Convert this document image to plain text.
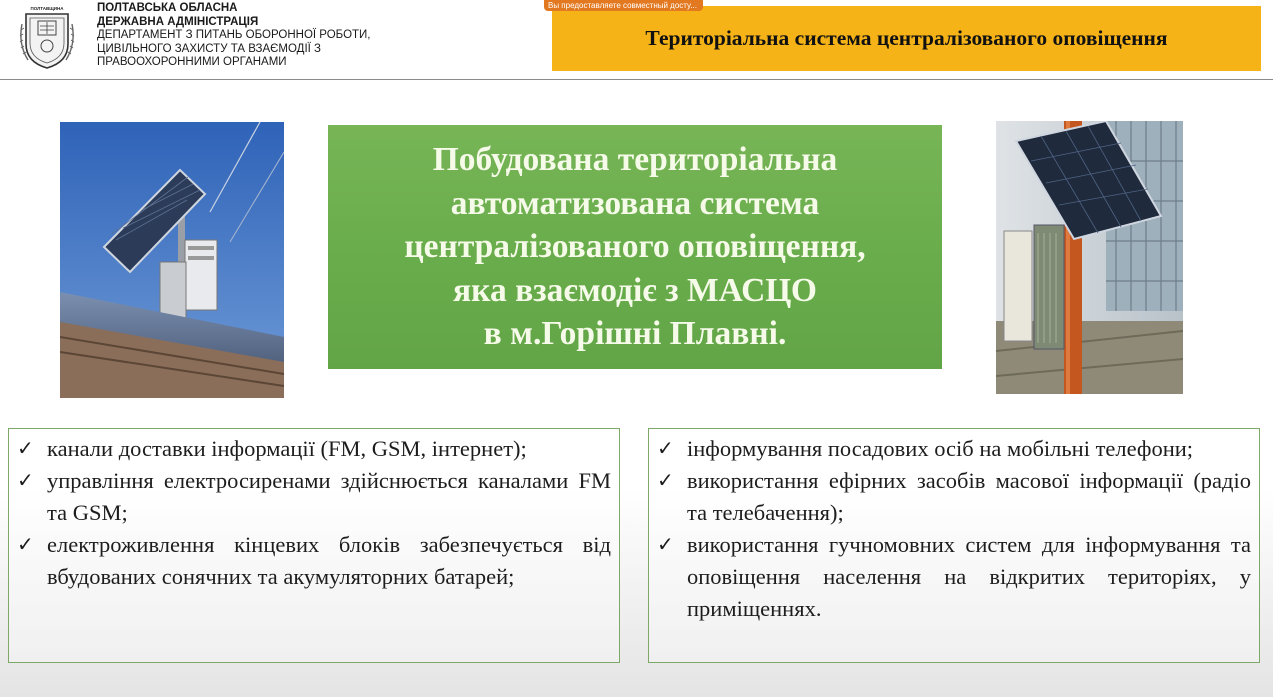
ПОЛТАВЩИНА	ПОЛТАВСЬКА ОБЛАСНА
ДЕРЖАВНА АДМІНІСТРАЦІЯ
ДЕПАРТАМЕНТ З ПИТАНЬ ОБОРОННОЇ РОБОТИ,
ЦИВІЛЬНОГО ЗАХИСТУ ТА ВЗАЄМОДІЇ З
ПРАВООХОРОННИМИ ОРГАНАМИ
Територіальна система централізованого оповіщення
Вы предоставляете совместный досту...
Побудована територіальна
автоматизована система
централізованого оповіщення,
яка взаємодіє з МАСЦО
в м.Горішні Плавні.
✓ канали доставки інформації (FM, GSM, інтернет);
✓ управління електросиренами здійснюється каналами FM та GSM;
✓ електроживлення кінцевих блоків забезпечується від вбудованих сонячних та акумуляторних батарей;
✓ інформування посадових осіб на мобільні телефони;
✓ використання ефірних засобів масової інформації (радіо та телебачення);
✓ використання гучномовних систем для інформування та оповіщення населення на відкритих територіях, у приміщеннях.
